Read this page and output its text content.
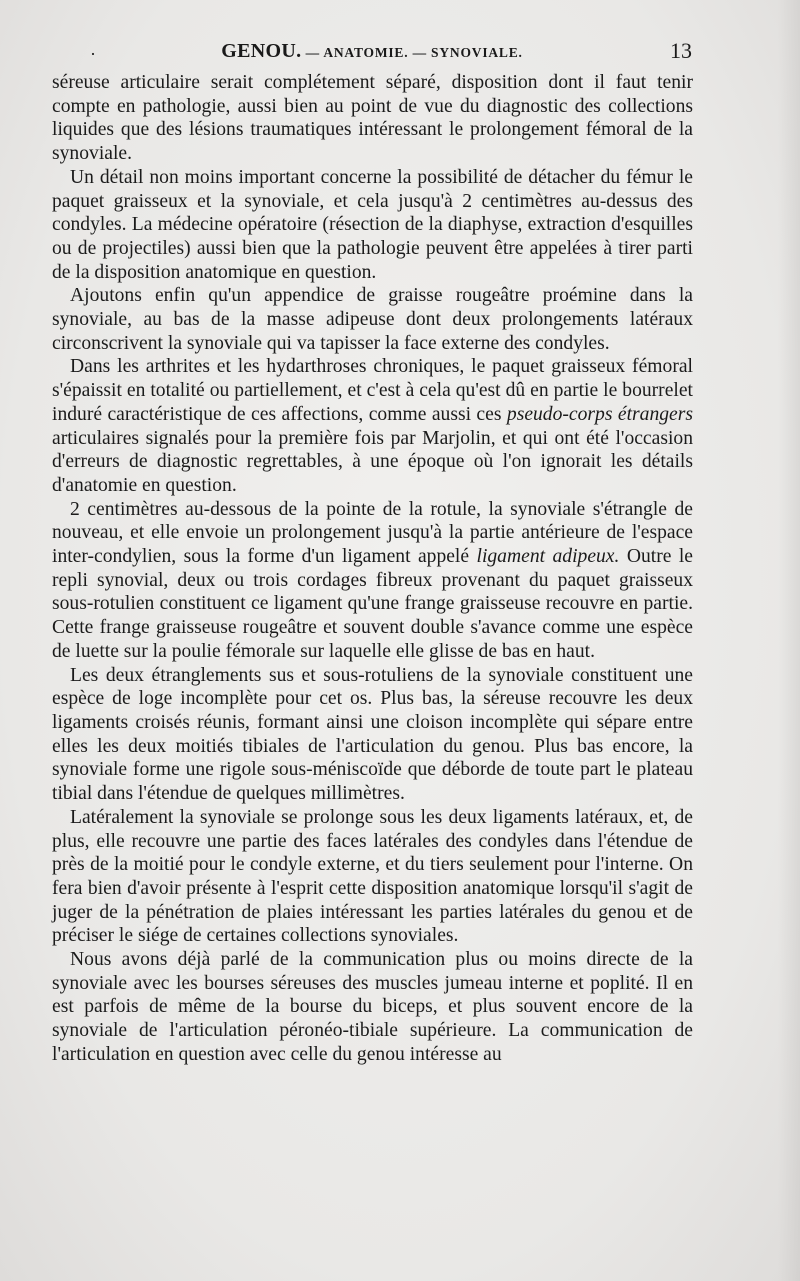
·	GENOU. — ANATOMIE. — SYNOVIALE.	13

séreuse articulaire serait complétement séparé, disposition dont il faut tenir compte en pathologie, aussi bien au point de vue du diagnostic des collections liquides que des lésions traumatiques intéressant le prolongement fémoral de la synoviale.

Un détail non moins important concerne la possibilité de détacher du fémur le paquet graisseux et la synoviale, et cela jusqu'à 2 centimètres au-dessus des condyles. La médecine opératoire (résection de la diaphyse, extraction d'esquilles ou de projectiles) aussi bien que la pathologie peuvent être appelées à tirer parti de la disposition anatomique en question.

Ajoutons enfin qu'un appendice de graisse rougeâtre proémine dans la synoviale, au bas de la masse adipeuse dont deux prolongements latéraux circonscrivent la synoviale qui va tapisser la face externe des condyles.

Dans les arthrites et les hydarthroses chroniques, le paquet graisseux fémoral s'épaissit en totalité ou partiellement, et c'est à cela qu'est dû en partie le bourrelet induré caractéristique de ces affections, comme aussi ces pseudo-corps étrangers articulaires signalés pour la première fois par Marjolin, et qui ont été l'occasion d'erreurs de diagnostic regrettables, à une époque où l'on ignorait les détails d'anatomie en question.

2 centimètres au-dessous de la pointe de la rotule, la synoviale s'étrangle de nouveau, et elle envoie un prolongement jusqu'à la partie antérieure de l'espace inter-condylien, sous la forme d'un ligament appelé ligament adipeux. Outre le repli synovial, deux ou trois cordages fibreux provenant du paquet graisseux sous-rotulien constituent ce ligament qu'une frange graisseuse recouvre en partie. Cette frange graisseuse rougeâtre et souvent double s'avance comme une espèce de luette sur la poulie fémorale sur laquelle elle glisse de bas en haut.

Les deux étranglements sus et sous-rotuliens de la synoviale constituent une espèce de loge incomplète pour cet os. Plus bas, la séreuse recouvre les deux ligaments croisés réunis, formant ainsi une cloison incomplète qui sépare entre elles les deux moitiés tibiales de l'articulation du genou. Plus bas encore, la synoviale forme une rigole sous-méniscoïde que déborde de toute part le plateau tibial dans l'étendue de quelques millimètres.

Latéralement la synoviale se prolonge sous les deux ligaments latéraux, et, de plus, elle recouvre une partie des faces latérales des condyles dans l'étendue de près de la moitié pour le condyle externe, et du tiers seulement pour l'interne. On fera bien d'avoir présente à l'esprit cette disposition anatomique lorsqu'il s'agit de juger de la pénétration de plaies intéressant les parties latérales du genou et de préciser le siége de certaines collections synoviales.

Nous avons déjà parlé de la communication plus ou moins directe de la synoviale avec les bourses séreuses des muscles jumeau interne et poplité. Il en est parfois de même de la bourse du biceps, et plus souvent encore de la synoviale de l'articulation péronéo-tibiale supérieure. La communication de l'articulation en question avec celle du genou intéresse au
